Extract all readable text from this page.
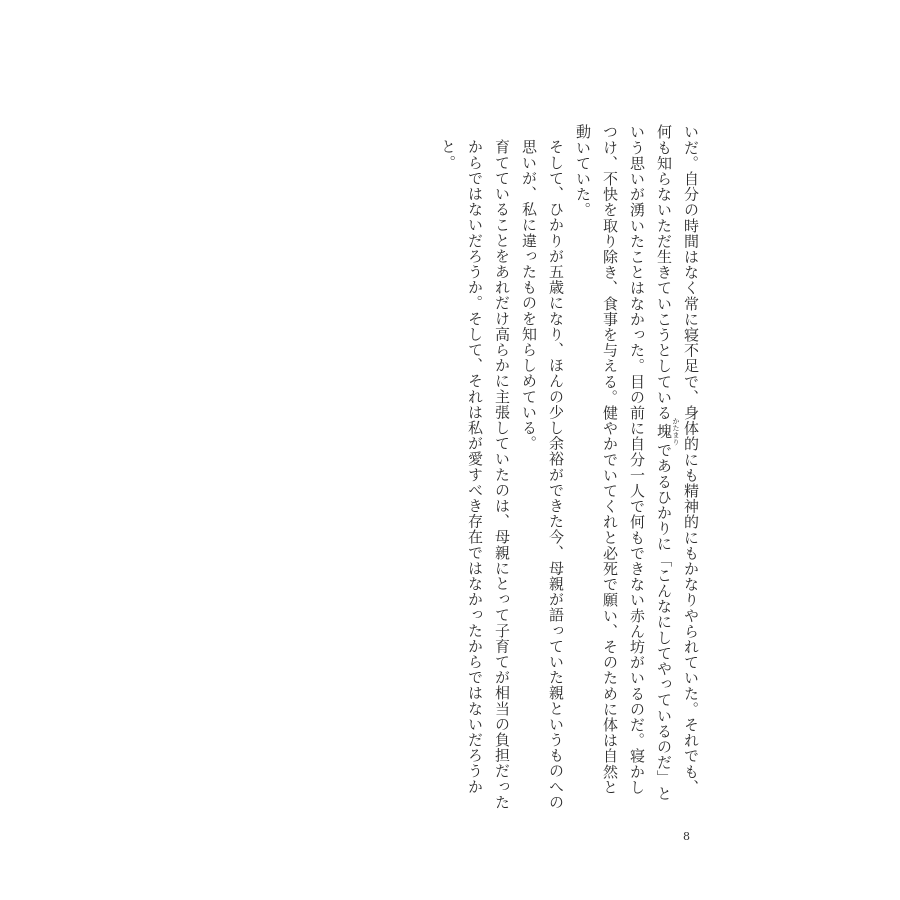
いだ。自分の時間はなく常に寝不足で、身体的にも精神的にもかなりやられていた。それでも、何も知らないただ生きていこうとしている塊 かたまりであるひかりに「こんなにしてやっているのだ」という思いが湧いたことはなかった。目の前に自分一人で何もできない赤ん坊がいるのだ。寝かしつけ、不快を取り除き、食事を与える。健やかでいてくれと必死で願い、そのために体は自然と動いていた。

そして、ひかりが五歳になり、ほんの少し余裕ができた今、母親が語っていた親というものへの思いが、私に違ったものを知らしめている。

育てていることをあれだけ高らかに主張していたのは、母親にとって子育てが相当の負担だったからではないだろうか。そして、それは私が愛すべき存在ではなかったからではないだろうかと。

8
